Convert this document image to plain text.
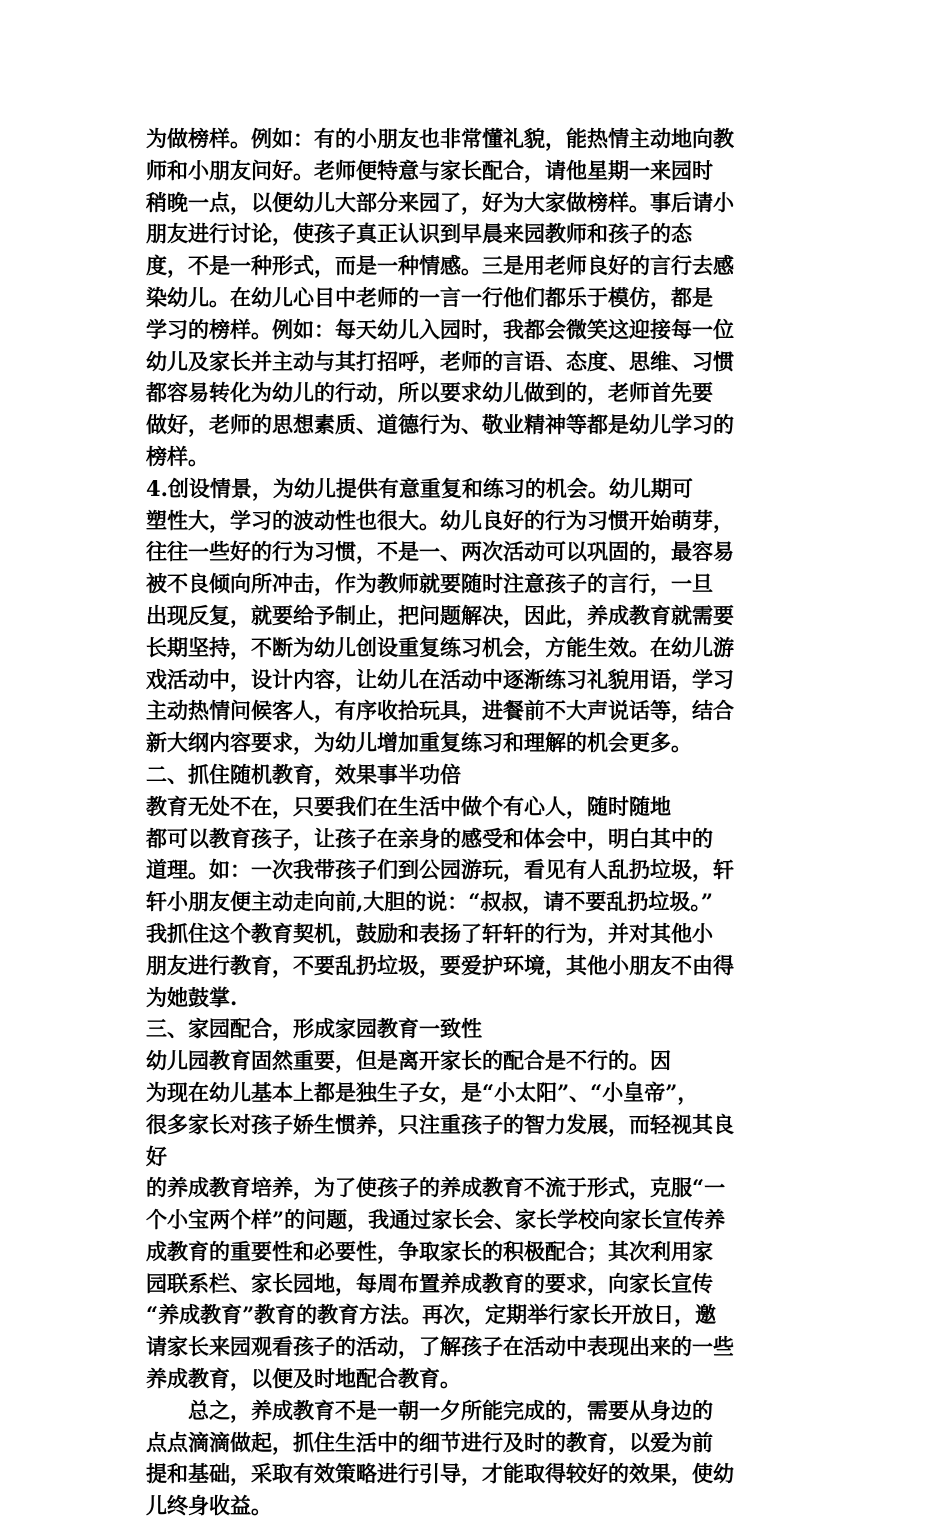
为做榜样。例如：有的小朋友也非常懂礼貌，能热情主动地向教
师和小朋友问好。老师便特意与家长配合，请他星期一来园时
稍晚一点，以便幼儿大部分来园了，好为大家做榜样。事后请小
朋友进行讨论，使孩子真正认识到早晨来园教师和孩子的态
度，不是一种形式，而是一种情感。三是用老师良好的言行去感
染幼儿。在幼儿心目中老师的一言一行他们都乐于模仿，都是
学习的榜样。例如：每天幼儿入园时，我都会微笑这迎接每一位
幼儿及家长并主动与其打招呼，老师的言语、态度、思维、习惯
都容易转化为幼儿的行动，所以要求幼儿做到的，老师首先要
做好，老师的思想素质、道德行为、敬业精神等都是幼儿学习的
榜样。
4.创设情景，为幼儿提供有意重复和练习的机会。幼儿期可
塑性大，学习的波动性也很大。幼儿良好的行为习惯开始萌芽，
往往一些好的行为习惯，不是一、两次活动可以巩固的，最容易
被不良倾向所冲击，作为教师就要随时注意孩子的言行，一旦
出现反复，就要给予制止，把问题解决，因此，养成教育就需要
长期坚持，不断为幼儿创设重复练习机会，方能生效。在幼儿游
戏活动中，设计内容，让幼儿在活动中逐渐练习礼貌用语，学习
主动热情问候客人，有序收拾玩具，进餐前不大声说话等，结合
新大纲内容要求，为幼儿增加重复练习和理解的机会更多。
二、抓住随机教育，效果事半功倍
教育无处不在，只要我们在生活中做个有心人，随时随地
都可以教育孩子，让孩子在亲身的感受和体会中，明白其中的
道理。如：一次我带孩子们到公园游玩，看见有人乱扔垃圾，轩
轩小朋友便主动走向前,大胆的说：“叔叔，请不要乱扔垃圾。”
我抓住这个教育契机，鼓励和表扬了轩轩的行为，并对其他小
朋友进行教育，不要乱扔垃圾，要爱护环境，其他小朋友不由得
为她鼓掌.
三、家园配合，形成家园教育一致性
幼儿园教育固然重要，但是离开家长的配合是不行的。因
为现在幼儿基本上都是独生子女，是“小太阳”、“小皇帝”，
很多家长对孩子娇生惯养，只注重孩子的智力发展，而轻视其良
好
的养成教育培养，为了使孩子的养成教育不流于形式，克服“一
个小宝两个样”的问题，我通过家长会、家长学校向家长宣传养
成教育的重要性和必要性，争取家长的积极配合；其次利用家
园联系栏、家长园地，每周布置养成教育的要求，向家长宣传
“养成教育”教育的教育方法。再次，定期举行家长开放日，邀
请家长来园观看孩子的活动，了解孩子在活动中表现出来的一些
养成教育，以便及时地配合教育。
总之，养成教育不是一朝一夕所能完成的，需要从身边的
点点滴滴做起，抓住生活中的细节进行及时的教育，以爱为前
提和基础，采取有效策略进行引导，才能取得较好的效果，使幼
儿终身收益。
